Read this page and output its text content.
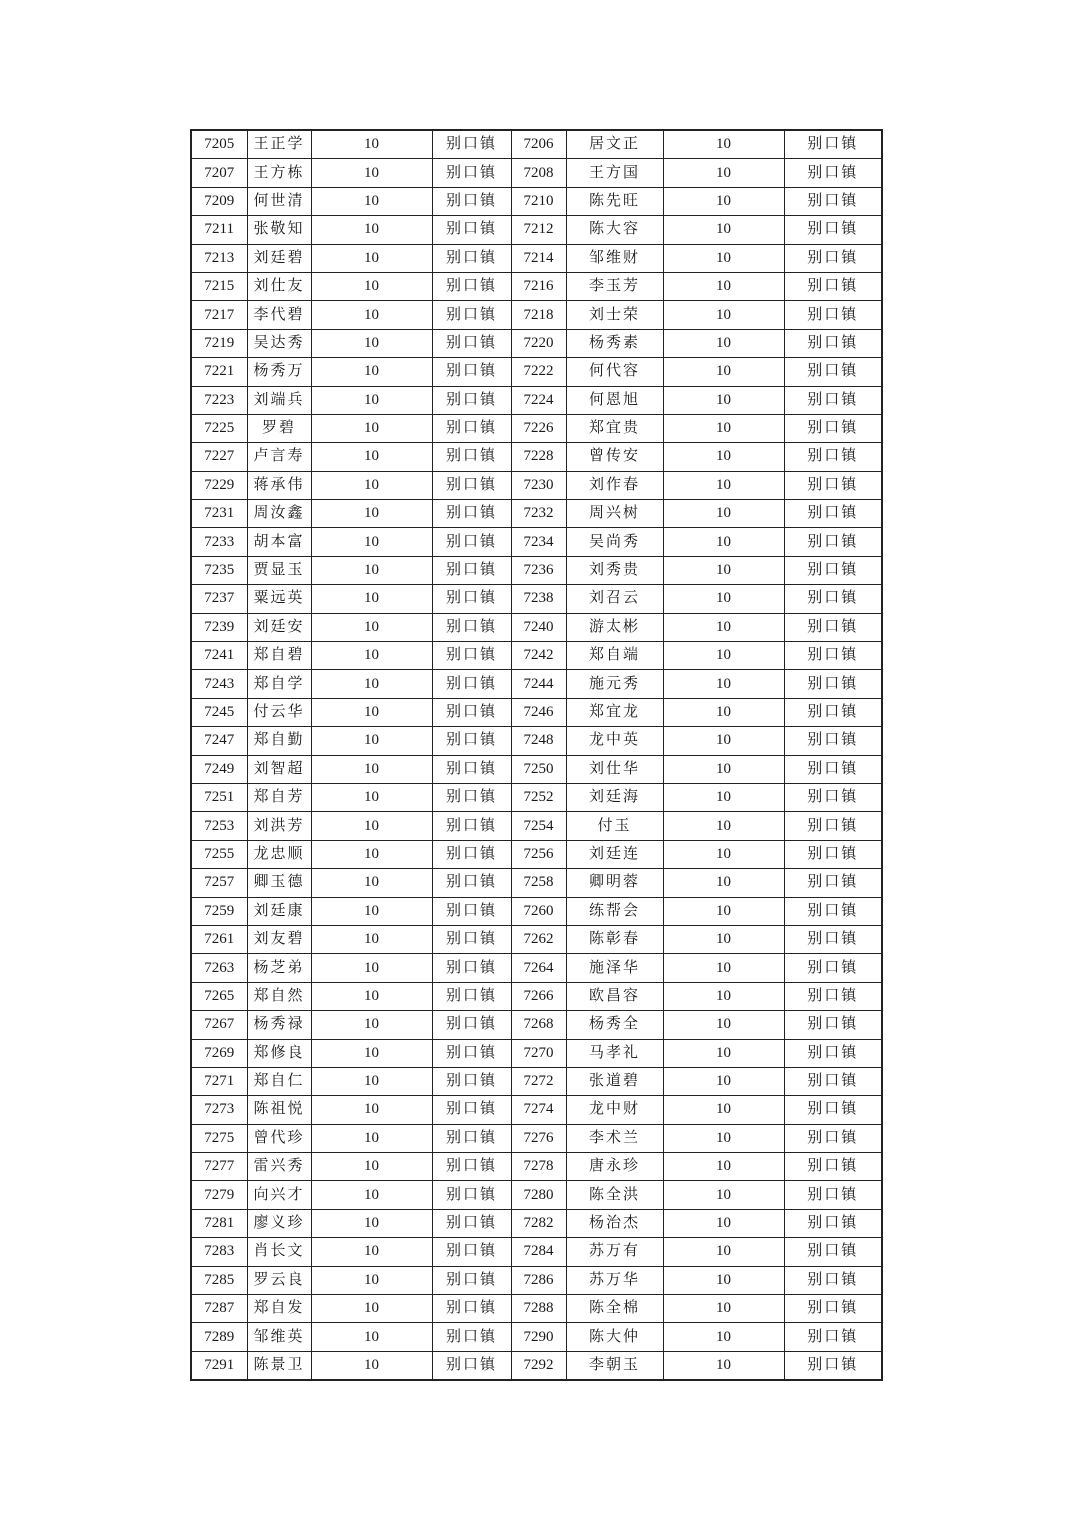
7205	王正学	10	别口镇	7206	居文正	10	别口镇
7207	王方栋	10	别口镇	7208	王方国	10	别口镇
7209	何世清	10	别口镇	7210	陈先旺	10	别口镇
7211	张敬知	10	别口镇	7212	陈大容	10	别口镇
7213	刘廷碧	10	别口镇	7214	邹维财	10	别口镇
7215	刘仕友	10	别口镇	7216	李玉芳	10	别口镇
7217	李代碧	10	别口镇	7218	刘士荣	10	别口镇
7219	吴达秀	10	别口镇	7220	杨秀素	10	别口镇
7221	杨秀万	10	别口镇	7222	何代容	10	别口镇
7223	刘端兵	10	别口镇	7224	何恩旭	10	别口镇
7225	罗碧	10	别口镇	7226	郑宜贵	10	别口镇
7227	卢言寿	10	别口镇	7228	曾传安	10	别口镇
7229	蒋承伟	10	别口镇	7230	刘作春	10	别口镇
7231	周汝鑫	10	别口镇	7232	周兴树	10	别口镇
7233	胡本富	10	别口镇	7234	吴尚秀	10	别口镇
7235	贾显玉	10	别口镇	7236	刘秀贵	10	别口镇
7237	粟远英	10	别口镇	7238	刘召云	10	别口镇
7239	刘廷安	10	别口镇	7240	游太彬	10	别口镇
7241	郑自碧	10	别口镇	7242	郑自端	10	别口镇
7243	郑自学	10	别口镇	7244	施元秀	10	别口镇
7245	付云华	10	别口镇	7246	郑宜龙	10	别口镇
7247	郑自勤	10	别口镇	7248	龙中英	10	别口镇
7249	刘智超	10	别口镇	7250	刘仕华	10	别口镇
7251	郑自芳	10	别口镇	7252	刘廷海	10	别口镇
7253	刘洪芳	10	别口镇	7254	付玉	10	别口镇
7255	龙忠顺	10	别口镇	7256	刘廷连	10	别口镇
7257	卿玉德	10	别口镇	7258	卿明蓉	10	别口镇
7259	刘廷康	10	别口镇	7260	练帮会	10	别口镇
7261	刘友碧	10	别口镇	7262	陈彰春	10	别口镇
7263	杨芝弟	10	别口镇	7264	施泽华	10	别口镇
7265	郑自然	10	别口镇	7266	欧昌容	10	别口镇
7267	杨秀禄	10	别口镇	7268	杨秀全	10	别口镇
7269	郑修良	10	别口镇	7270	马孝礼	10	别口镇
7271	郑自仁	10	别口镇	7272	张道碧	10	别口镇
7273	陈祖悦	10	别口镇	7274	龙中财	10	别口镇
7275	曾代珍	10	别口镇	7276	李术兰	10	别口镇
7277	雷兴秀	10	别口镇	7278	唐永珍	10	别口镇
7279	向兴才	10	别口镇	7280	陈全洪	10	别口镇
7281	廖义珍	10	别口镇	7282	杨治杰	10	别口镇
7283	肖长文	10	别口镇	7284	苏万有	10	别口镇
7285	罗云良	10	别口镇	7286	苏万华	10	别口镇
7287	郑自发	10	别口镇	7288	陈全棉	10	别口镇
7289	邹维英	10	别口镇	7290	陈大仲	10	别口镇
7291	陈景卫	10	别口镇	7292	李朝玉	10	别口镇
